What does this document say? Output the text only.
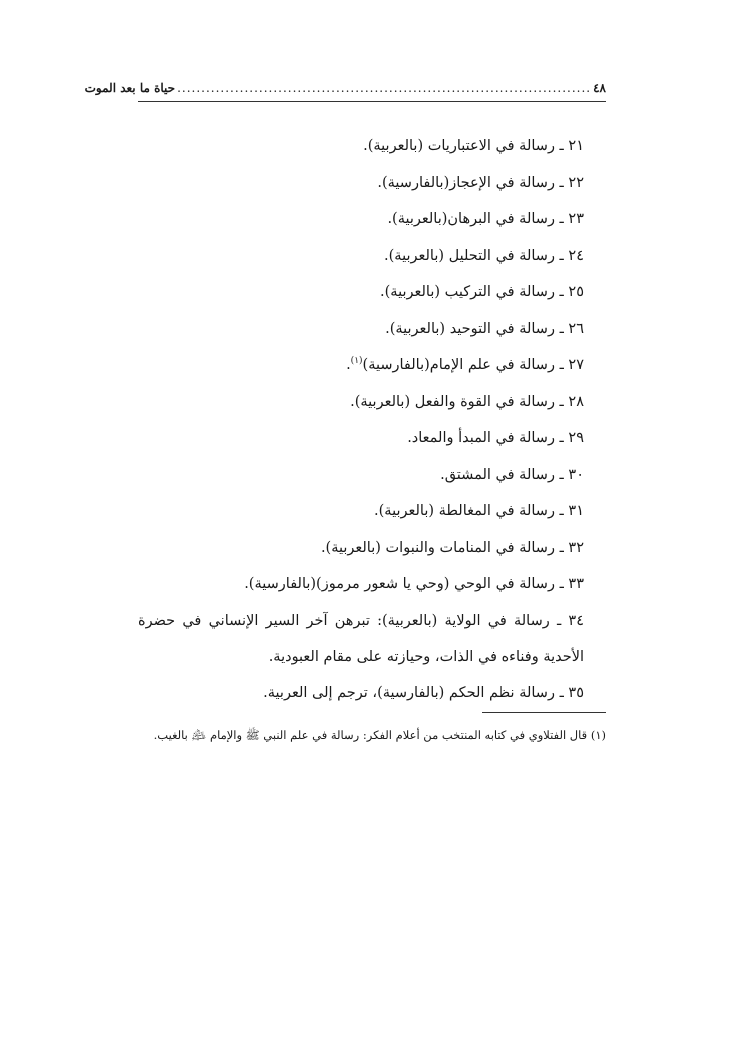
٤٨
......................................................................................
حياة ما بعد الموت
٢١ ـ رسالة في الاعتباريات (بالعربية).
٢٢ ـ رسالة في الإعجاز(بالفارسية).
٢٣ ـ رسالة في البرهان(بالعربية).
٢٤ ـ رسالة في التحليل (بالعربية).
٢٥ ـ رسالة في التركيب (بالعربية).
٢٦ ـ رسالة في التوحيد (بالعربية).
٢٧ ـ رسالة في علم الإمام(بالفارسية)$^{(١)}$.
٢٨ ـ رسالة في القوة والفعل (بالعربية).
٢٩ ـ رسالة في المبدأ والمعاد.
٣٠ ـ رسالة في المشتق.
٣١ ـ رسالة في المغالطة (بالعربية).
٣٢ ـ رسالة في المنامات والنبوات (بالعربية).
٣٣ ـ رسالة في الوحي (وحي يا شعور مرموز)(بالفارسية).
٣٤ ـ رسالة في الولاية (بالعربية): تبرهن آخر السير الإنساني في حضرة الأحدية وفناءه في الذات، وحيازته على مقام العبودية.
٣٥ ـ رسالة نظم الحكم (بالفارسية)، ترجم إلى العربية.
(١) قال الفتلاوي في كتابه المنتخب من أعلام الفكر: رسالة في علم النبي ﷺ والإمام ﵇ بالغيب.
